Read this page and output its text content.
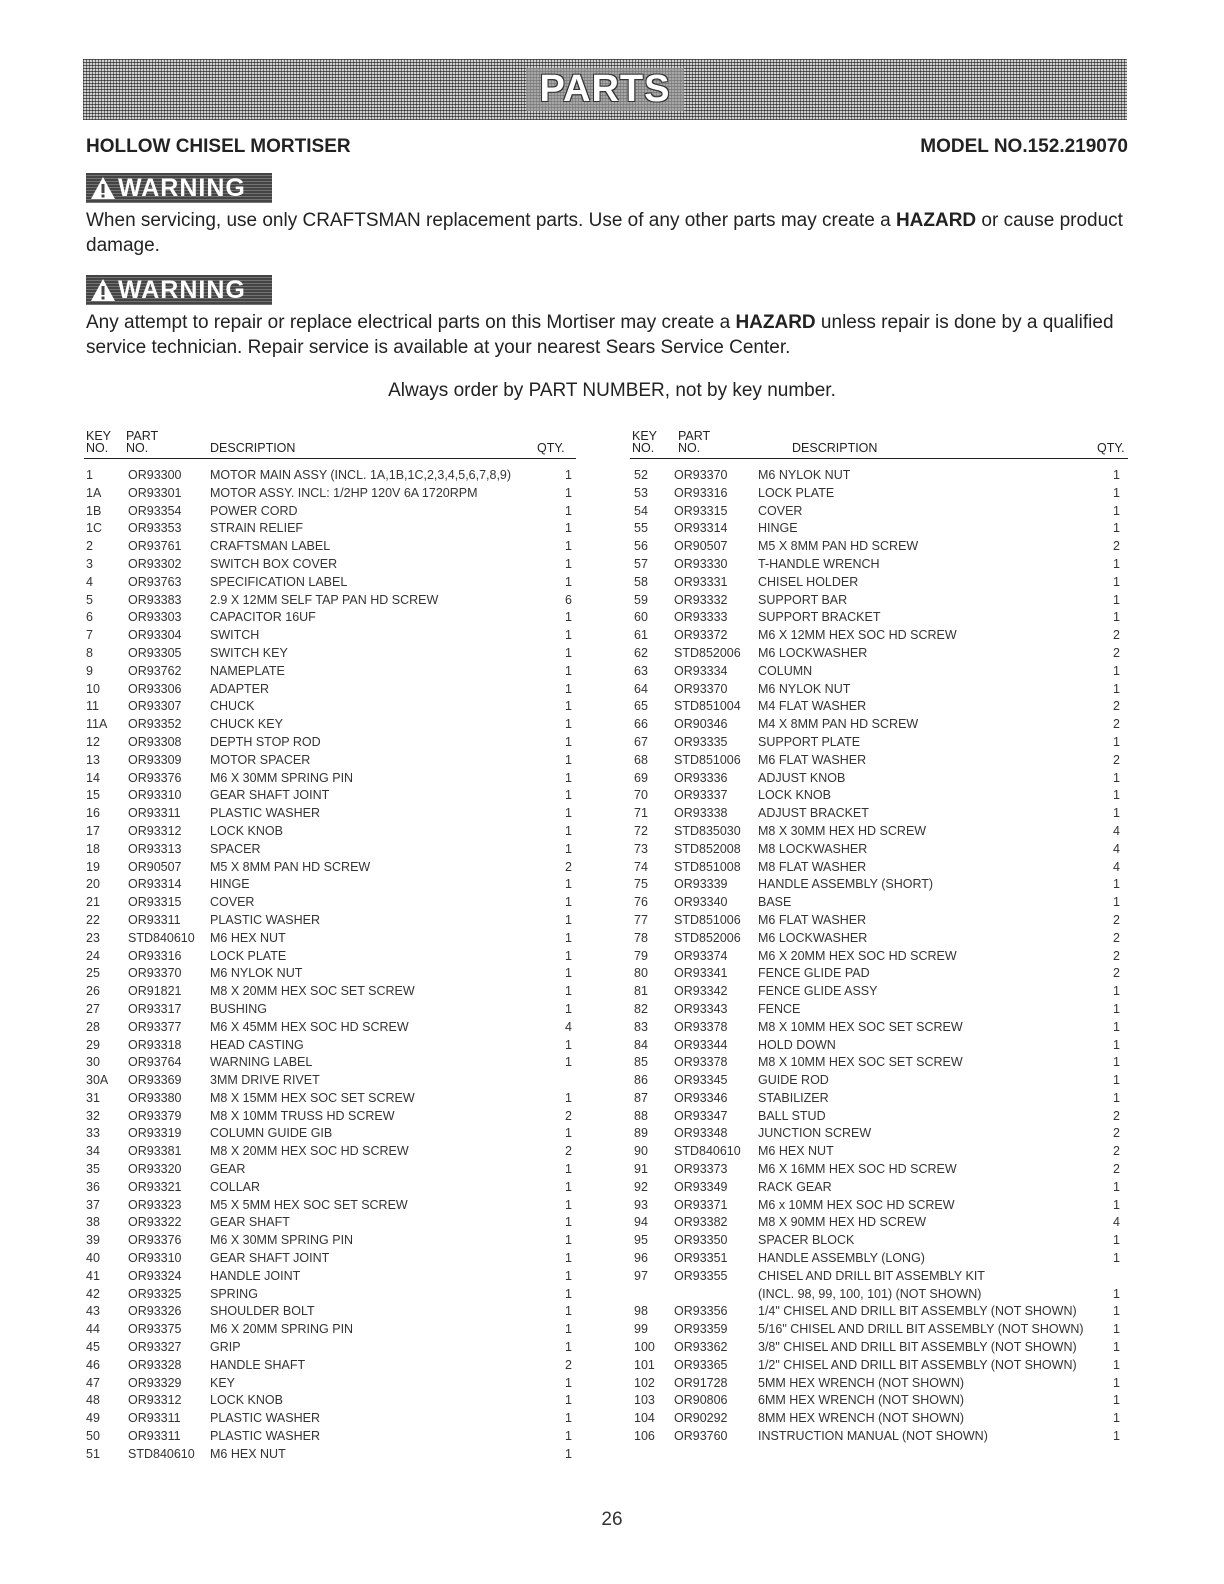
PARTS
HOLLOW CHISEL MORTISER	MODEL NO.152.219070
WARNING
When servicing, use only CRAFTSMAN replacement parts. Use of any other parts may create a HAZARD or cause product damage.
WARNING
Any attempt to repair or replace electrical parts on this Mortiser may create a HAZARD unless repair is done by a qualified service technician. Repair service is available at your nearest Sears Service Center.
Always order by PART NUMBER, not by key number.
KEY
NO.
PART
NO.	DESCRIPTION	QTY.
1	OR93300 MOTOR MAIN ASSY (INCL. 1A,1B,1C,2,3,4,5,6,7,8,9)	1
1A OR93301 MOTOR ASSY. INCL: 1/2HP 120V 6A 1720RPM	1
1B OR93354 POWER CORD	1
1C OR93353 STRAIN RELIEF	1
2	OR93761 CRAFTSMAN LABEL	1
3	OR93302 SWITCH BOX COVER	1
4	OR93763 SPECIFICATION LABEL	1
5	OR93383 2.9 X 12MM SELF TAP PAN HD SCREW	6
6	OR93303 CAPACITOR 16UF	1
7	OR93304 SWITCH	1
8	OR93305 SWITCH KEY	1
9	OR93762 NAMEPLATE	1
10 OR93306 ADAPTER	1
11 OR93307 CHUCK	1
11A OR93352 CHUCK KEY	1
12 OR93308 DEPTH STOP ROD	1
13 OR93309 MOTOR SPACER	1
14 OR93376 M6 X 30MM SPRING PIN	1
15 OR93310 GEAR SHAFT JOINT	1
16 OR93311 PLASTIC WASHER	1
17 OR93312 LOCK KNOB	1
18 OR93313 SPACER	1
19 OR90507 M5 X 8MM PAN HD SCREW	2
20 OR93314 HINGE	1
21 OR93315 COVER	1
22 OR93311 PLASTIC WASHER	1
23 STD840610 M6 HEX NUT	1
24 OR93316 LOCK PLATE	1
25 OR93370 M6 NYLOK NUT	1
26 OR91821 M8 X 20MM HEX SOC SET SCREW	1
27 OR93317 BUSHING	1
28 OR93377 M6 X 45MM HEX SOC HD SCREW	4
29 OR93318 HEAD CASTING	1
30 OR93764 WARNING LABEL	1
30A OR93369 3MM DRIVE RIVET
31 OR93380 M8 X 15MM HEX SOC SET SCREW	1
32 OR93379 M8 X 10MM TRUSS HD SCREW	2
33 OR93319 COLUMN GUIDE GIB	1
34 OR93381 M8 X 20MM HEX SOC HD SCREW	2
35 OR93320 GEAR	1
36 OR93321 COLLAR	1
37 OR93323 M5 X 5MM HEX SOC SET SCREW	1
38 OR93322 GEAR SHAFT	1
39 OR93376 M6 X 30MM SPRING PIN	1
40 OR93310 GEAR SHAFT JOINT	1
41 OR93324 HANDLE JOINT	1
42 OR93325 SPRING	1
43 OR93326 SHOULDER BOLT	1
44 OR93375 M6 X 20MM SPRING PIN	1
45 OR93327 GRIP	1
46 OR93328 HANDLE SHAFT	2
47 OR93329 KEY	1
48 OR93312 LOCK KNOB	1
49 OR93311 PLASTIC WASHER	1
50 OR93311 PLASTIC WASHER	1
51 STD840610 M6 HEX NUT	1
KEY
NO.
PART
NO.	DESCRIPTION	QTY.
52 OR93370 M6 NYLOK NUT	1
53 OR93316 LOCK PLATE	1
54 OR93315 COVER	1
55 OR93314 HINGE	1
56 OR90507 M5 X 8MM PAN HD SCREW	2
57 OR93330 T-HANDLE WRENCH	1
58 OR93331 CHISEL HOLDER	1
59 OR93332 SUPPORT BAR	1
60 OR93333 SUPPORT BRACKET	1
61 OR93372 M6 X 12MM HEX SOC HD SCREW	2
62 STD852006 M6 LOCKWASHER	2
63 OR93334 COLUMN	1
64 OR93370 M6 NYLOK NUT	1
65 STD851004 M4 FLAT WASHER	2
66 OR90346 M4 X 8MM PAN HD SCREW	2
67 OR93335 SUPPORT PLATE	1
68 STD851006 M6 FLAT WASHER	2
69 OR93336 ADJUST KNOB	1
70 OR93337 LOCK KNOB	1
71 OR93338 ADJUST BRACKET	1
72 STD835030 M8 X 30MM HEX HD SCREW	4
73 STD852008 M8 LOCKWASHER	4
74 STD851008 M8 FLAT WASHER	4
75 OR93339 HANDLE ASSEMBLY (SHORT)	1
76 OR93340 BASE	1
77 STD851006 M6 FLAT WASHER	2
78 STD852006 M6 LOCKWASHER	2
79 OR93374 M6 X 20MM HEX SOC HD SCREW	2
80 OR93341 FENCE GLIDE PAD	2
81 OR93342 FENCE GLIDE ASSY	1
82 OR93343 FENCE	1
83 OR93378 M8 X 10MM HEX SOC SET SCREW	1
84 OR93344 HOLD DOWN	1
85 OR93378 M8 X 10MM HEX SOC SET SCREW	1
86 OR93345 GUIDE ROD	1
87 OR93346 STABILIZER	1
88 OR93347 BALL STUD	2
89 OR93348 JUNCTION SCREW	2
90 STD840610 M6 HEX NUT	2
91 OR93373 M6 X 16MM HEX SOC HD SCREW	2
92 OR93349 RACK GEAR	1
93 OR93371 M6 x 10MM HEX SOC HD SCREW	1
94 OR93382 M8 X 90MM HEX HD SCREW	4
95 OR93350 SPACER BLOCK	1
96 OR93351 HANDLE ASSEMBLY (LONG)	1
97 OR93355 CHISEL AND DRILL BIT ASSEMBLY KIT
(INCL. 98, 99, 100, 101) (NOT SHOWN)	1
98 OR93356 1/4" CHISEL AND DRILL BIT ASSEMBLY (NOT SHOWN)	1
99 OR93359 5/16" CHISEL AND DRILL BIT ASSEMBLY (NOT SHOWN) 1
100 OR93362 3/8" CHISEL AND DRILL BIT ASSEMBLY (NOT SHOWN)	1
101 OR93365 1/2" CHISEL AND DRILL BIT ASSEMBLY (NOT SHOWN)	1
102 OR91728 5MM HEX WRENCH (NOT SHOWN)	1
103 OR90806 6MM HEX WRENCH (NOT SHOWN)	1
104 OR90292 8MM HEX WRENCH (NOT SHOWN)	1
106 OR93760 INSTRUCTION MANUAL (NOT SHOWN)	1
26
